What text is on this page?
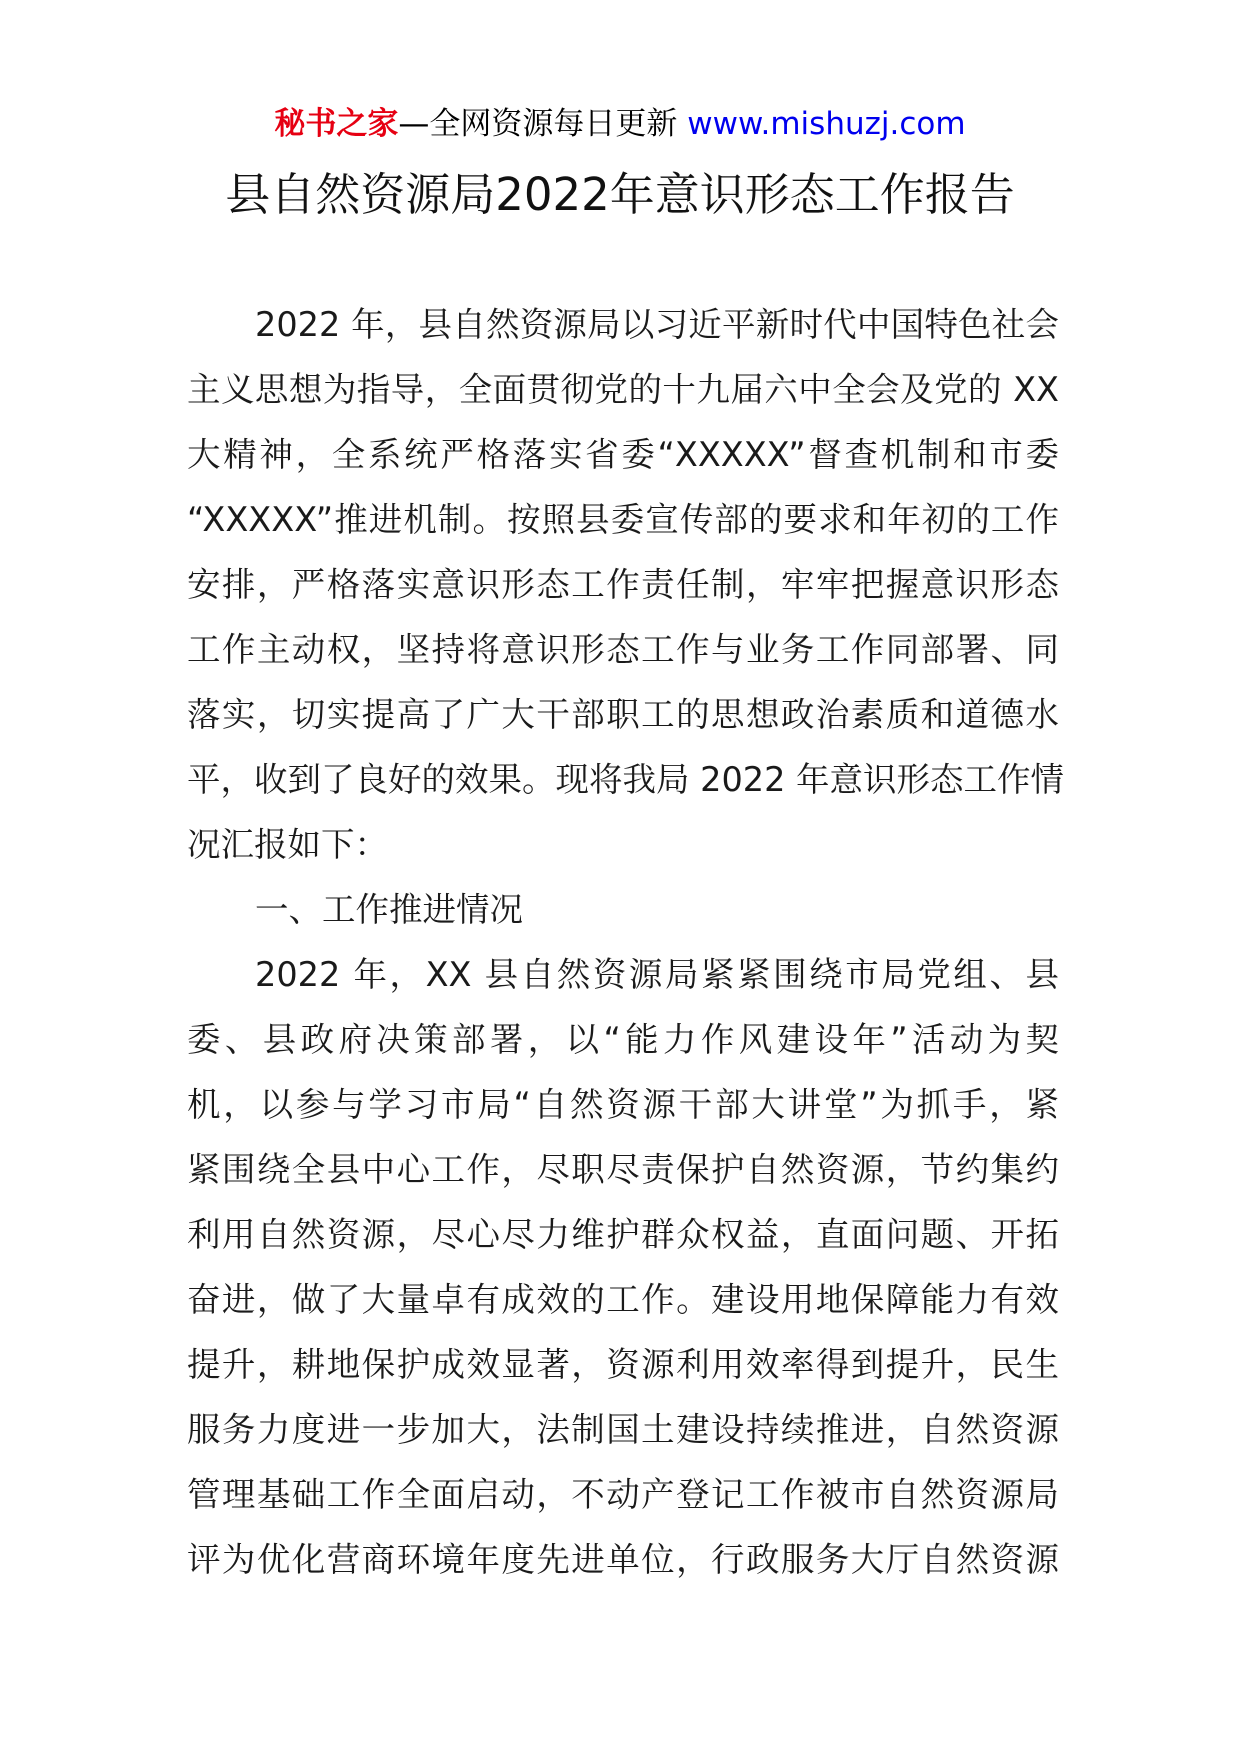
秘书之家—全网资源每日更新 www.mishuzj.com
县自然资源局2022年意识形态工作报告
2022 年，县自然资源局以习近平新时代中国特色社会
主义思想为指导，全面贯彻党的十九届六中全会及党的 XX
大精神，全系统严格落实省委“XXXXX”督查机制和市委
“XXXXX”推进机制。按照县委宣传部的要求和年初的工作
安排，严格落实意识形态工作责任制，牢牢把握意识形态
工作主动权，坚持将意识形态工作与业务工作同部署、同
落实，切实提高了广大干部职工的思想政治素质和道德水
平，收到了良好的效果。现将我局 2022 年意识形态工作情
况汇报如下：
一、工作推进情况
2022 年，XX 县自然资源局紧紧围绕市局党组、县
委、县政府决策部署，以“能力作风建设年”活动为契
机，以参与学习市局“自然资源干部大讲堂”为抓手，紧
紧围绕全县中心工作，尽职尽责保护自然资源，节约集约
利用自然资源，尽心尽力维护群众权益，直面问题、开拓
奋进，做了大量卓有成效的工作。建设用地保障能力有效
提升，耕地保护成效显著，资源利用效率得到提升，民生
服务力度进一步加大，法制国土建设持续推进，自然资源
管理基础工作全面启动，不动产登记工作被市自然资源局
评为优化营商环境年度先进单位，行政服务大厅自然资源
